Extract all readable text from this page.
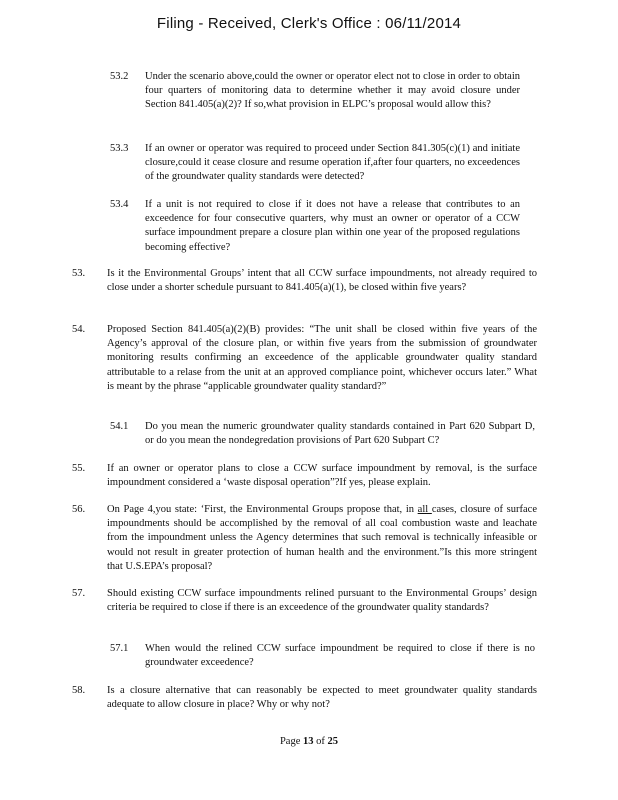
Filing - Received, Clerk's Office : 06/11/2014
53.2 Under the scenario above,could the owner or operator elect not to close in order to obtain four quarters of monitoring data to determine whether it may avoid closure under Section 841.405(a)(2)? If so,what provision in ELPC’s proposal would allow this?
53.3 If an owner or operator was required to proceed under Section 841.305(c)(1) and initiate closure,could it cease closure and resume operation if,after four quarters, no exceedences of the groundwater quality standards were detected?
53.4 If a unit is not required to close if it does not have a release that contributes to an exceedence for four consecutive quarters, why must an owner or operator of a CCW surface impoundment prepare a closure plan within one year of the proposed regulations becoming effective?
53. Is it the Environmental Groups’ intent that all CCW surface impoundments, not already required to close under a shorter schedule pursuant to 841.405(a)(1), be closed within five years?
54. Proposed Section 841.405(a)(2)(B) provides: “The unit shall be closed within five years of the Agency’s approval of the closure plan, or within five years from the submission of groundwater monitoring results confirming an exceedence of the applicable groundwater quality standard attributable to a relase from the unit at an approved compliance point, whichever occurs later.” What is meant by the phrase “applicable groundwater quality standard?”
54.1 Do you mean the numeric groundwater quality standards contained in Part 620 Subpart D, or do you mean the nondegredation provisions of Part 620 Subpart C?
55. If an owner or operator plans to close a CCW surface impoundment by removal, is the surface impoundment considered a ‘waste disposal operation”?If yes, please explain.
56. On Page 4,you state: ‘First, the Environmental Groups propose that, in all cases, closure of surface impoundments should be accomplished by the removal of all coal combustion waste and leachate from the impoundment unless the Agency determines that such removal is technically infeasible or would not result in greater protection of human health and the environment.”Is this more stringent that U.S.EPA’s proposal?
57. Should existing CCW surface impoundments relined pursuant to the Environmental Groups’ design criteria be required to close if there is an exceedence of the groundwater quality standards?
57.1 When would the relined CCW surface impoundment be required to close if there is no groundwater exceedence?
58. Is a closure alternative that can reasonably be expected to meet groundwater quality standards adequate to allow closure in place? Why or why not?
Page 13 of 25
